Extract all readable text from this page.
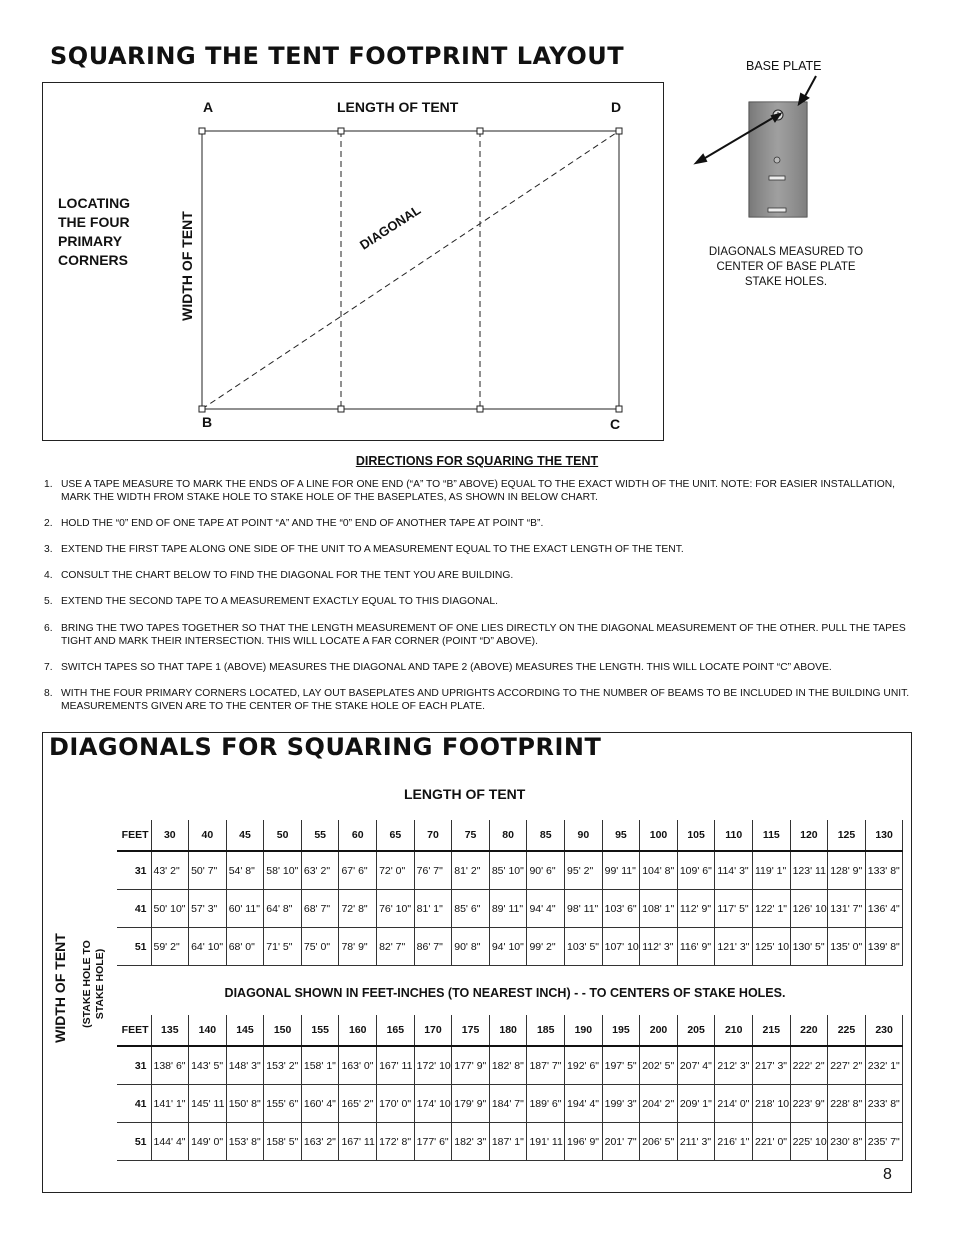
SQUARING THE TENT FOOTPRINT LAYOUT
A	D
B	C
LENGTH OF TENT
WIDTH OF TENT	DIAGONAL
LOCATING
THE FOUR
PRIMARY
CORNERS
BASE PLATE
DIAGONALS MEASURED TO
CENTER OF BASE PLATE
STAKE HOLES.
DIRECTIONS FOR SQUARING THE TENT
1. USE A TAPE MEASURE TO MARK THE ENDS OF A LINE FOR ONE END (“A” TO “B” ABOVE) EQUAL TO THE EXACT WIDTH OF THE UNIT. NOTE: FOR EASIER INSTALLATION, MARK THE WIDTH FROM STAKE HOLE TO STAKE HOLE OF THE BASEPLATES, AS SHOWN IN BELOW CHART.
2. HOLD THE “0” END OF ONE TAPE AT POINT “A” AND THE “0” END OF ANOTHER TAPE AT POINT “B”.
3. EXTEND THE FIRST TAPE ALONG ONE SIDE OF THE UNIT TO A MEASUREMENT EQUAL TO THE EXACT LENGTH OF THE TENT.
4. CONSULT THE CHART BELOW TO FIND THE DIAGONAL FOR THE TENT YOU ARE BUILDING.
5. EXTEND THE SECOND TAPE TO A MEASUREMENT EXACTLY EQUAL TO THIS DIAGONAL.
6. BRING THE TWO TAPES TOGETHER SO THAT THE LENGTH MEASUREMENT OF ONE LIES DIRECTLY ON THE DIAGONAL MEASUREMENT OF THE OTHER. PULL THE TAPES TIGHT AND MARK THEIR INTERSECTION. THIS WILL LOCATE A FAR CORNER (POINT “D” ABOVE).
7. SWITCH TAPES SO THAT TAPE 1 (ABOVE) MEASURES THE DIAGONAL AND TAPE 2 (ABOVE) MEASURES THE LENGTH. THIS WILL LOCATE POINT “C” ABOVE.
8. WITH THE FOUR PRIMARY CORNERS LOCATED, LAY OUT BASEPLATES AND UPRIGHTS ACCORDING TO THE NUMBER OF BEAMS TO BE INCLUDED IN THE BUILDING UNIT. MEASUREMENTS GIVEN ARE TO THE CENTER OF THE STAKE HOLE OF EACH PLATE.
DIAGONALS FOR SQUARING FOOTPRINT
LENGTH OF TENT
WIDTH OF TENT (STAKE HOLE TO STAKE HOLE)
FEET	30	40	45	50	55	60	65	70	75	80	85	90	95	100	105	110	115	120	125	130
31	43' 2"	50' 7"	54' 8"	58' 10"	63' 2"	67' 6"	72' 0"	76' 7"	81' 2"	85' 10"	90' 6"	95' 2"	99' 11"	104' 8"	109' 6"	114' 3"	119' 1"	123' 11	128' 9"	133' 8"
41	50' 10"	57' 3"	60' 11"	64' 8"	68' 7"	72' 8"	76' 10"	81' 1"	85' 6"	89' 11"	94' 4"	98' 11"	103' 6"	108' 1"	112' 9"	117' 5"	122' 1"	126' 10	131' 7"	136' 4"
51	59' 2"	64' 10"	68' 0"	71' 5"	75' 0"	78' 9"	82' 7"	86' 7"	90' 8"	94' 10"	99' 2"	103' 5"	107' 10	112' 3"	116' 9"	121' 3"	125' 10	130' 5"	135' 0"	139' 8"
DIAGONAL SHOWN IN FEET-INCHES (TO NEAREST INCH) - - TO CENTERS OF STAKE HOLES.
FEET	135	140	145	150	155	160	165	170	175	180	185	190	195	200	205	210	215	220	225	230
31	138' 6"	143' 5"	148' 3"	153' 2"	158' 1"	163' 0"	167' 11	172' 10	177' 9"	182' 8"	187' 7"	192' 6"	197' 5"	202' 5"	207' 4"	212' 3"	217' 3"	222' 2"	227' 2"	232' 1"
41	141' 1"	145' 11	150' 8"	155' 6"	160' 4"	165' 2"	170' 0"	174' 10	179' 9"	184' 7"	189' 6"	194' 4"	199' 3"	204' 2"	209' 1"	214' 0"	218' 10	223' 9"	228' 8"	233' 8"
51	144' 4"	149' 0"	153' 8"	158' 5"	163' 2"	167' 11	172' 8"	177' 6"	182' 3"	187' 1"	191' 11	196' 9"	201' 7"	206' 5"	211' 3"	216' 1"	221' 0"	225' 10	230' 8"	235' 7"
8
